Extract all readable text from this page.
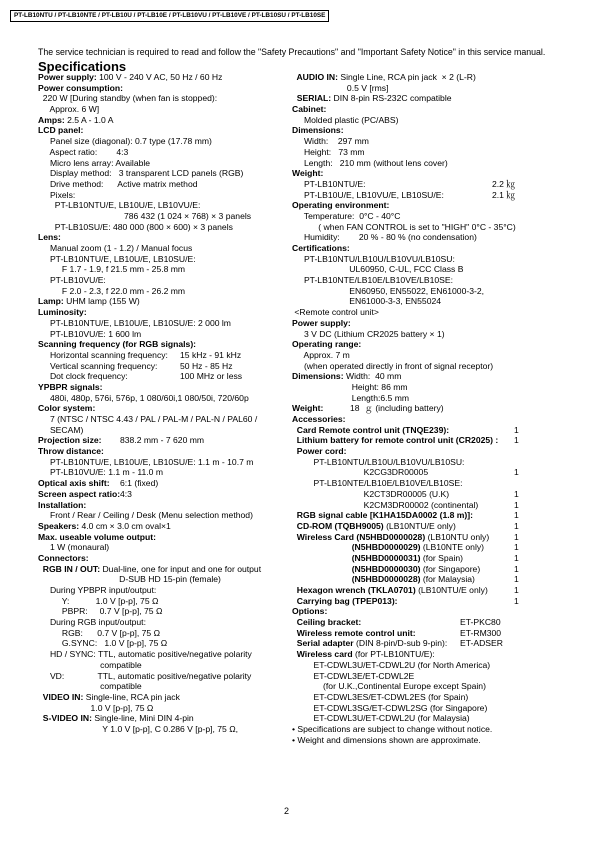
PT-LB10NTU / PT-LB10NTE / PT-LB10U / PT-LB10E / PT-LB10VU / PT-LB10VE / PT-LB10SU / PT-LB10SE
The service technician is required to read and follow the "Safety Precautions" and "Important Safety Notice" in this service manual.
Specifications
Power supply: 100 V - 240 V AC, 50 Hz / 60 Hz
Power consumption:
220 W [During standby (when fan is stopped):
Approx. 6 W]
Amps: 2.5 A - 1.0 A
LCD panel:
Panel size (diagonal): 0.7 type (17.78 mm)
Aspect ratio:        4:3
Micro lens array: Available
Display method:   3 transparent LCD panels (RGB)
Drive method:      Active matrix method
Pixels:
PT-LB10NTU/E, LB10U/E, LB10VU/E:
786 432 (1 024 × 768) × 3 panels
PT-LB10SU/E: 480 000 (800 × 600) × 3 panels
Lens:
Manual zoom (1 - 1.2) / Manual focus
PT-LB10NTU/E, LB10U/E, LB10SU/E:
F 1.7 - 1.9, f 21.5 mm - 25.8 mm
PT-LB10VU/E:
F 2.0 - 2.3, f 22.0 mm - 26.2 mm
Lamp: UHM lamp (155 W)
Luminosity:
PT-LB10NTU/E, LB10U/E, LB10SU/E: 2 000 lm
PT-LB10VU/E: 1 600 lm
Scanning frequency (for RGB signals):
Horizontal scanning frequency: 15 kHz - 91 kHz
Vertical scanning frequency:	50 Hz - 85 Hz
Dot clock frequency:	100 MHz or less
YPBPR signals:
480i, 480p, 576i, 576p, 1 080/60i,1 080/50i, 720/60p
Color system:
7 (NTSC / NTSC 4.43 / PAL / PAL-M / PAL-N / PAL60 /
SECAM)
Projection size: 838.2 mm - 7 620 mm
Throw distance:
PT-LB10NTU/E, LB10U/E, LB10SU/E: 1.1 m - 10.7 m
PT-LB10VU/E: 1.1 m - 11.0 m
Optical axis shift: 6:1 (fixed)
Screen aspect ratio: 4:3
Installation:
Front / Rear / Ceiling / Desk (Menu selection method)
Speakers: 4.0 cm × 3.0 cm oval×1
Max. useable volume output:
1 W (monaural)
Connectors:
RGB IN / OUT: Dual-line, one for input and one for output
D-SUB HD 15-pin (female)
During YPBPR input/output:
Y:           1.0 V [p-p], 75 Ω
PBPR:     0.7 V [p-p], 75 Ω
During RGB input/output:
RGB:      0.7 V [p-p], 75 Ω
G.SYNC:   1.0 V [p-p], 75 Ω
HD / SYNC: TTL, automatic positive/negative polarity
compatible
VD:              TTL, automatic positive/negative polarity
compatible
VIDEO IN: Single-line, RCA pin jack
1.0 V [p-p], 75 Ω
S-VIDEO IN: Single-line, Mini DIN 4-pin
Y 1.0 V [p-p], C 0.286 V [p-p], 75 Ω,
AUDIO IN: Single Line, RCA pin jack  × 2 (L-R)
0.5 V [rms]
SERIAL: DIN 8-pin RS-232C compatible
Cabinet:
Molded plastic (PC/ABS)
Dimensions:
Width:    297 mm
Height:   73 mm
Length:   210 mm (without lens cover)
Weight:
PT-LB10NTU/E:	2.2 ㎏
PT-LB10U/E, LB10VU/E, LB10SU/E:	2.1 ㎏
Operating environment:
Temperature:  0°C - 40°C
( when FAN CONTROL is set to "HIGH" 0°C - 35°C)
Humidity:        20 % - 80 % (no condensation)
Certifications:
PT-LB10NTU/LB10U/LB10VU/LB10SU:
UL60950, C-UL, FCC Class B
PT-LB10NTE/LB10E/LB10VE/LB10SE:
EN60950, EN55022, EN61000-3-2,
EN61000-3-3, EN55024
<Remote control unit>
Power supply:
3 V DC (Lithium CR2025 battery × 1)
Operating range:
Approx. 7 m
(when operated directly in front of signal receptor)
Dimensions: Width:  40 mm
Height: 86 mm
Length:6.5 mm
Weight:	18  ｇ (including battery)
Accessories:
Card Remote control unit (TNQE239):	1
Lithium battery for remote control unit (CR2025) : 1
Power cord:
PT-LB10NTU/LB10U/LB10VU/LB10SU:
K2CG3DR00005	1
PT-LB10NTE/LB10E/LB10VE/LB10SE:
K2CT3DR00005 (U.K)	1
K2CM3DR00002 (continental)	1
RGB signal cable [K1HA15DA0002 (1.8 m)]:	1
CD-ROM (TQBH9005) (LB10NTU/E only)	1
Wireless Card (N5HBD0000028) (LB10NTU only)	1
(N5HBD0000029) (LB10NTE only)	1
(N5HBD0000031) (for Spain)	1
(N5HBD0000030) (for Singapore)	1
(N5HBD0000028) (for Malaysia)	1
Hexagon wrench (TKLA0701) (LB10NTU/E only)	1
Carrying bag (TPEP013):	1
Options:
Ceiling bracket:	ET-PKC80
Wireless remote control unit:	ET-RM300
Serial adapter (DIN 8-pin/D-sub 9-pin): ET-ADSER
Wireless card (for PT-LB10NTU/E):
ET-CDWL3U/ET-CDWL2U (for North America)
ET-CDWL3E/ET-CDWL2E
(for U.K.,Continental Europe except Spain)
ET-CDWL3ES/ET-CDWL2ES (for Spain)
ET-CDWL3SG/ET-CDWL2SG (for Singapore)
ET-CDWL3U/ET-CDWL2U (for Malaysia)
• Specifications are subject to change without notice.
• Weight and dimensions shown are approximate.
2
